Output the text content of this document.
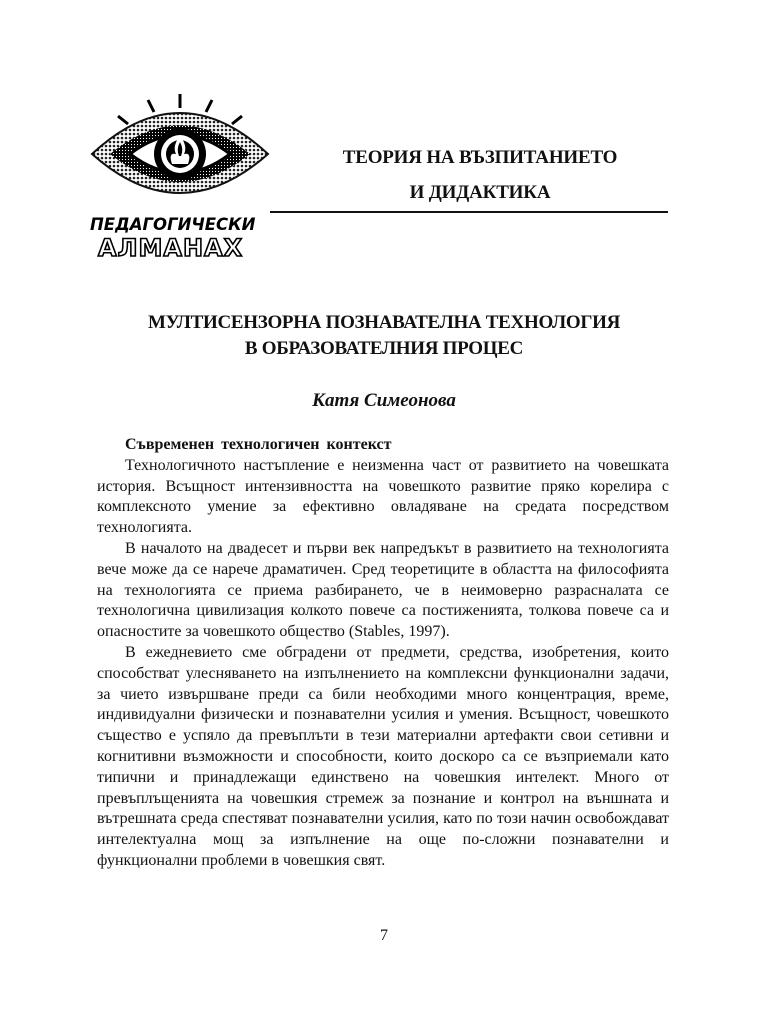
ПЕДАГОГИЧЕСКИ
АЛМАНАХ
ТЕОРИЯ НА ВЪЗПИТАНИЕТО
И ДИДАКТИКА
МУЛТИСЕНЗОРНА ПОЗНАВАТЕЛНА ТЕХНОЛОГИЯ
В ОБРАЗОВАТЕЛНИЯ ПРОЦЕС
Катя Симеонова

Съвременен технологичен контекст

Технологичното настъпление е неизменна част от развитието на човешката история. Всъщност интензивността на човешкото развитие пряко корелира с комплексното умение за ефективно овладяване на средата посредством технологията.

В началото на двадесет и първи век напредъкът в развитието на технологията вече може да се нарече драматичен. Сред теоретиците в областта на философията на технологията се приема разбирането, че в неимоверно разрасналата се технологична цивилизация колкото повече са постиженията, толкова повече са и опасностите за човешкото общество (Stables, 1997).

В ежедневието сме обградени от предмети, средства, изобретения, които способстват улесняването на изпълнението на комплексни функционални задачи, за чието извършване преди са били необходими много концентрация, време, индивидуални физически и познавателни усилия и умения. Всъщност, човешкото същество е успяло да превъплъти в тези материални артефакти свои сетивни и когнитивни възможности и способности, които доскоро са се възприемали като типични и принадлежащи единствено на човешкия интелект. Много от превъплъщенията на човешкия стремеж за познание и контрол на външната и вътрешната среда спестяват познавателни усилия, като по този начин освобождават интелектуална мощ за изпълнение на още по-сложни познавателни и функционални проблеми в човешкия свят.

7
